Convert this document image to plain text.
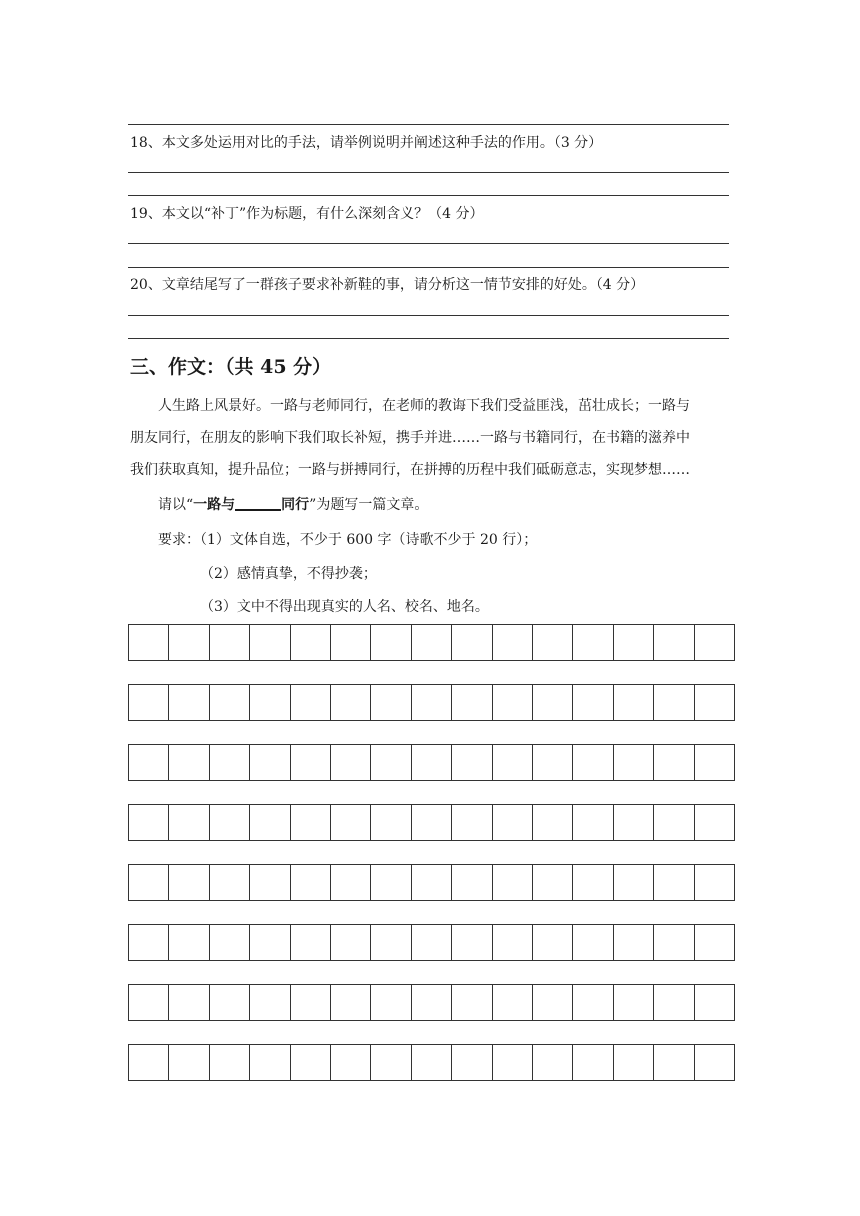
18、本文多处运用对比的手法，请举例说明并阐述这种手法的作用。（3 分）
19、本文以“补丁”作为标题，有什么深刻含义？（4 分）
20、文章结尾写了一群孩子要求补新鞋的事，请分析这一情节安排的好处。（4 分）
三、作文：（共 45 分）
人生路上风景好。一路与老师同行，在老师的教诲下我们受益匪浅，茁壮成长；一路与
朋友同行，在朋友的影响下我们取长补短，携手并进……一路与书籍同行，在书籍的滋养中
我们获取真知，提升品位；一路与拼搏同行，在拼搏的历程中我们砥砺意志，实现梦想……
请以“一路与	同行”为题写一篇文章。
要求：（1）文体自选，不少于 600 字（诗歌不少于 20 行）；
（2）感情真挚，不得抄袭；
（3）文中不得出现真实的人名、校名、地名。
